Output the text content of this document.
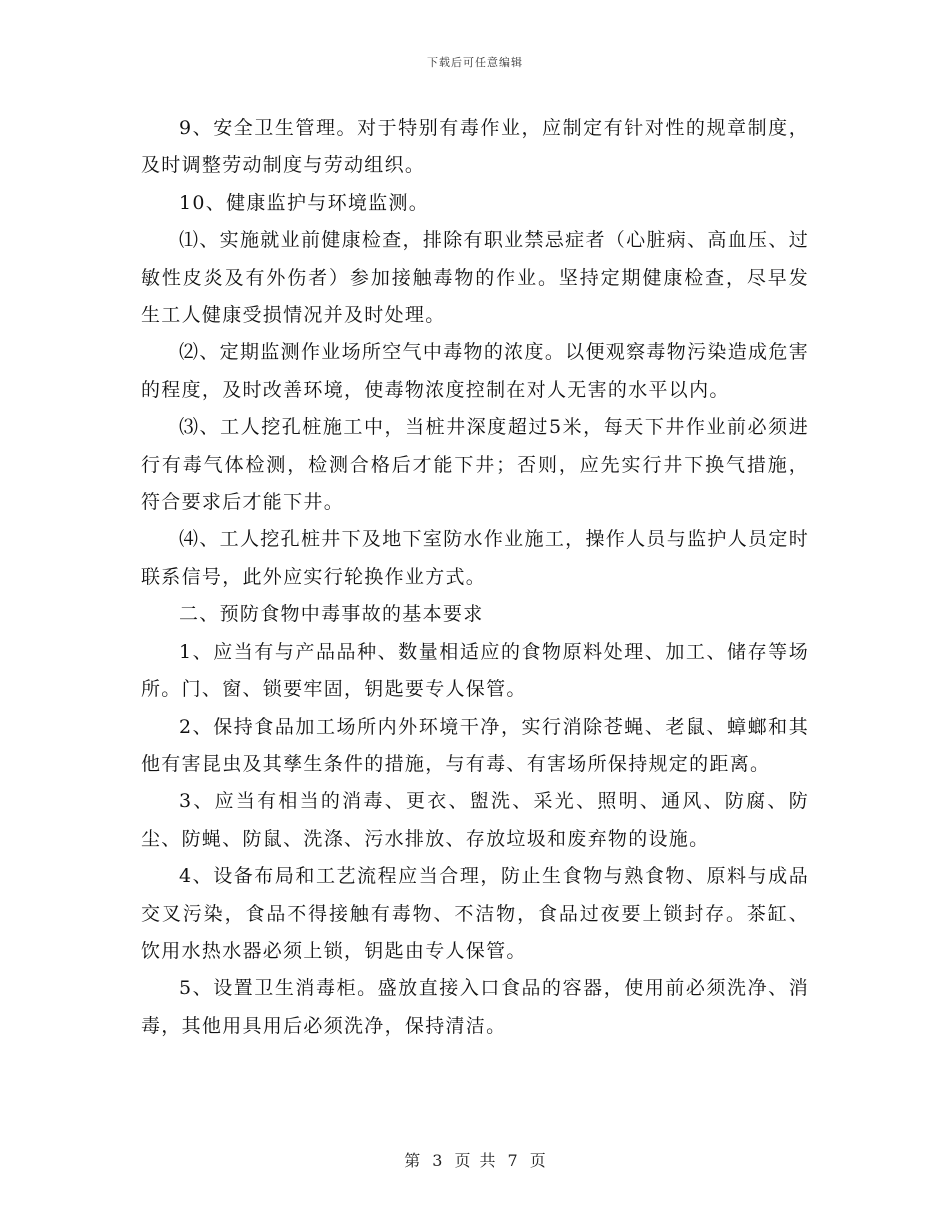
下载后可任意编辑

9、安全卫生管理。对于特别有毒作业，应制定有针对性的规章制度，及时调整劳动制度与劳动组织。

10、健康监护与环境监测。

⑴、实施就业前健康检查，排除有职业禁忌症者（心脏病、高血压、过敏性皮炎及有外伤者）参加接触毒物的作业。坚持定期健康检查，尽早发生工人健康受损情况并及时处理。

⑵、定期监测作业场所空气中毒物的浓度。以便观察毒物污染造成危害的程度，及时改善环境，使毒物浓度控制在对人无害的水平以内。

⑶、工人挖孔桩施工中，当桩井深度超过5米，每天下井作业前必须进行有毒气体检测，检测合格后才能下井；否则，应先实行井下换气措施，符合要求后才能下井。

⑷、工人挖孔桩井下及地下室防水作业施工，操作人员与监护人员定时联系信号，此外应实行轮换作业方式。

二、预防食物中毒事故的基本要求

1、应当有与产品品种、数量相适应的食物原料处理、加工、储存等场所。门、窗、锁要牢固，钥匙要专人保管。

2、保持食品加工场所内外环境干净，实行消除苍蝇、老鼠、蟑螂和其他有害昆虫及其孳生条件的措施，与有毒、有害场所保持规定的距离。

3、应当有相当的消毒、更衣、盥洗、采光、照明、通风、防腐、防尘、防蝇、防鼠、洗涤、污水排放、存放垃圾和废弃物的设施。

4、设备布局和工艺流程应当合理，防止生食物与熟食物、原料与成品交叉污染，食品不得接触有毒物、不洁物，食品过夜要上锁封存。茶缸、饮用水热水器必须上锁，钥匙由专人保管。

5、设置卫生消毒柜。盛放直接入口食品的容器，使用前必须洗净、消毒，其他用具用后必须洗净，保持清洁。

第 3 页 共 7 页
